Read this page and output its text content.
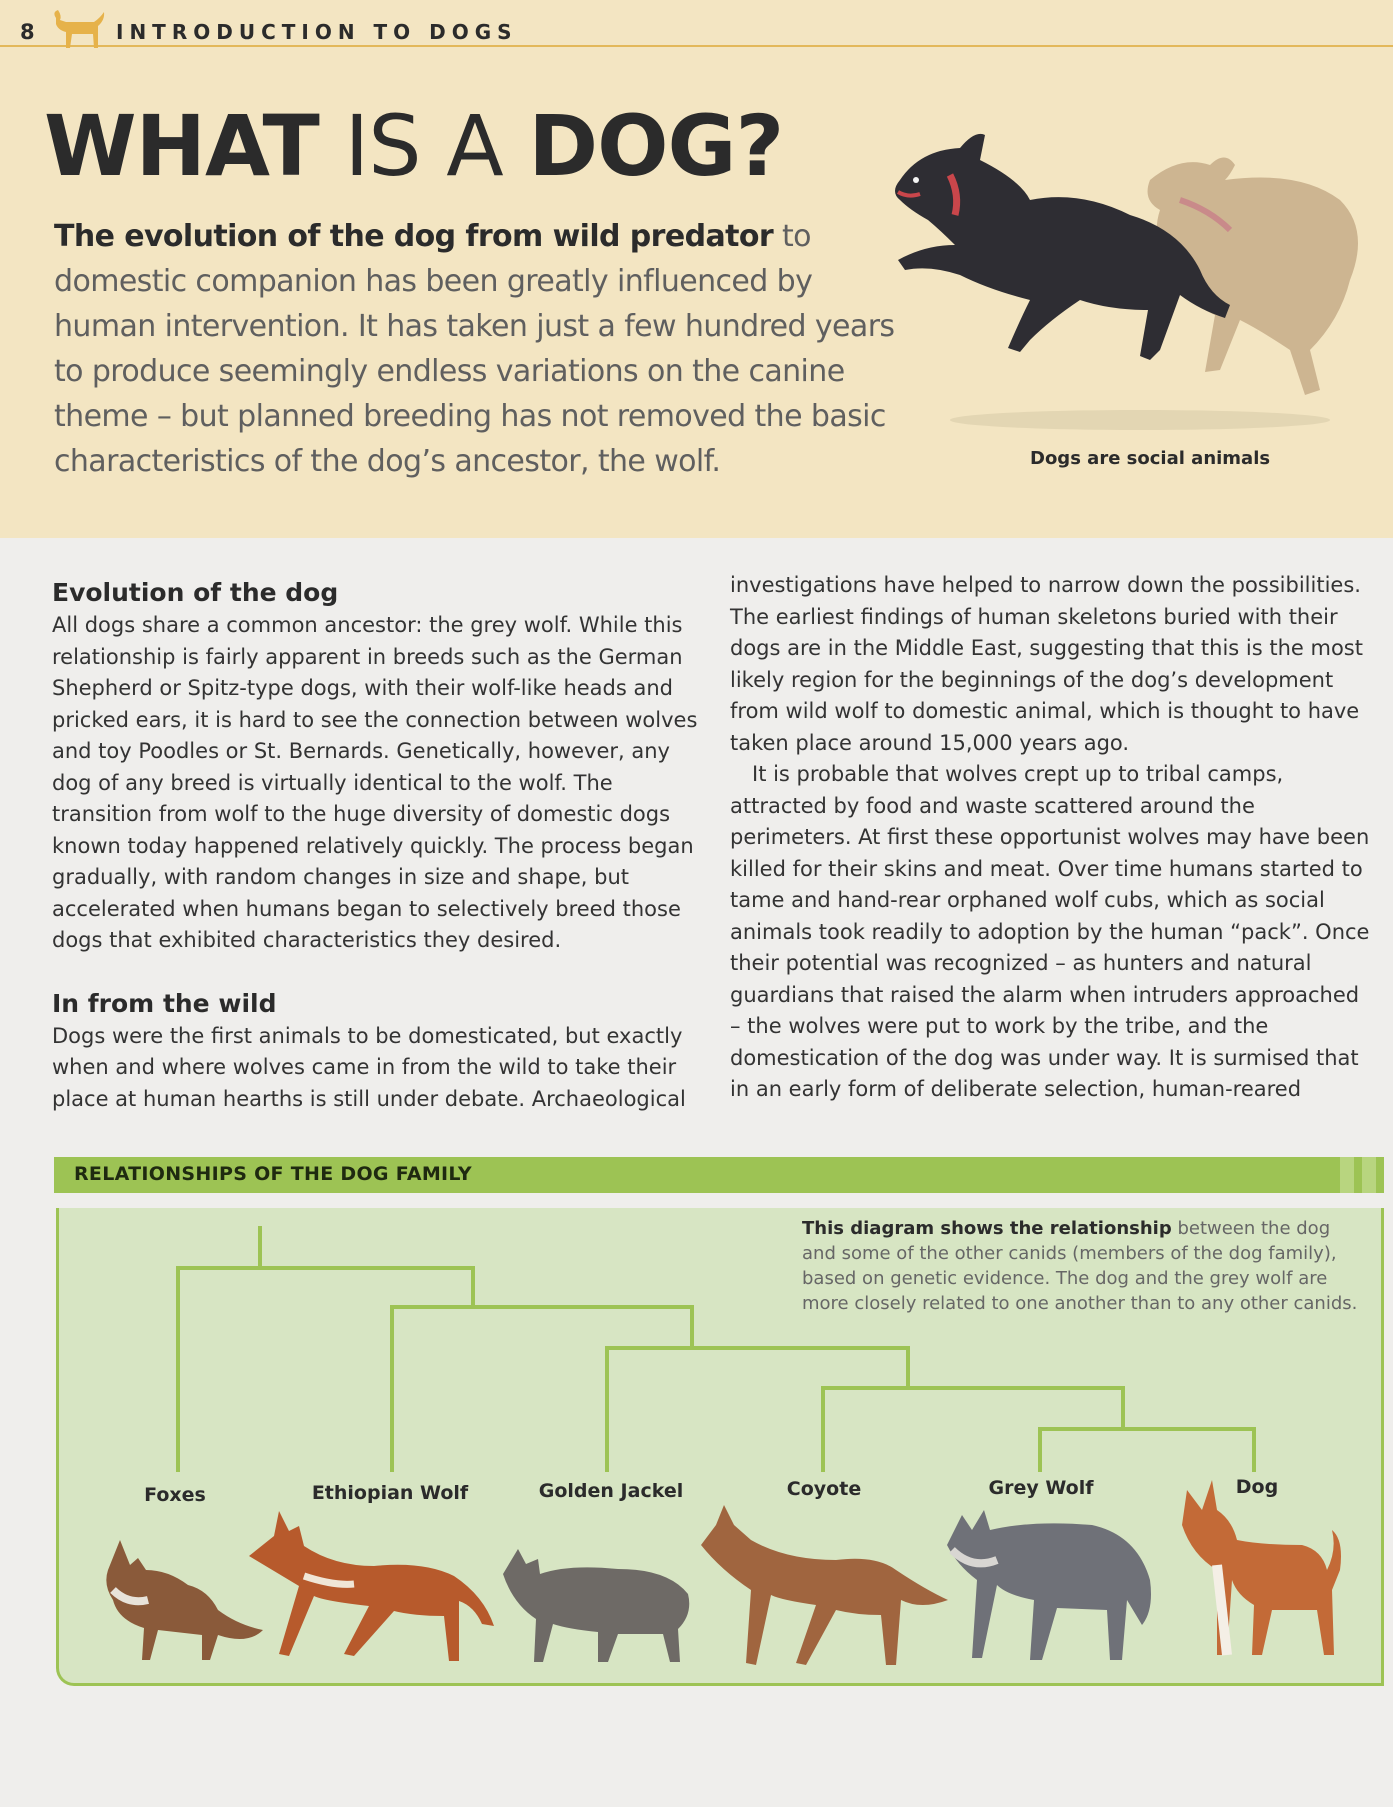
8	INTRODUCTION TO DOGS
WHAT IS A DOG?
The evolution of the dog from wild predator to domestic companion has been greatly influenced by human intervention. It has taken just a few hundred years to produce seemingly endless variations on the canine theme – but planned breeding has not removed the basic characteristics of the dog’s ancestor, the wolf.	Dogs are social animals
Evolution of the dog

All dogs share a common ancestor: the grey wolf. While this relationship is fairly apparent in breeds such as the German Shepherd or Spitz-type dogs, with their wolf-like heads and pricked ears, it is hard to see the connection between wolves and toy Poodles or St. Bernards. Genetically, however, any dog of any breed is virtually identical to the wolf. The transition from wolf to the huge diversity of domestic dogs known today happened relatively quickly. The process began gradually, with random changes in size and shape, but accelerated when humans began to selectively breed those dogs that exhibited characteristics they desired.

In from the wild

Dogs were the first animals to be domesticated, but exactly when and where wolves came in from the wild to take their place at human hearths is still under debate. Archaeological

investigations have helped to narrow down the possibilities. The earliest findings of human skeletons buried with their dogs are in the Middle East, suggesting that this is the most likely region for the beginnings of the dog’s development from wild wolf to domestic animal, which is thought to have taken place around 15,000 years ago.

It is probable that wolves crept up to tribal camps, attracted by food and waste scattered around the perimeters. At first these opportunist wolves may have been killed for their skins and meat. Over time humans started to tame and hand-rear orphaned wolf cubs, which as social animals took readily to adoption by the human “pack”. Once their potential was recognized – as hunters and natural guardians that raised the alarm when intruders approached – the wolves were put to work by the tribe, and the domestication of the dog was under way. It is surmised that in an early form of deliberate selection, human-reared

RELATIONSHIPS OF THE DOG FAMILY
This diagram shows the relationship between the dog and some of the other canids (members of the dog family), based on genetic evidence. The dog and the grey wolf are more closely related to one another than to any other canids.
Foxes	Ethiopian Wolf	Golden Jackel	Coyote	Grey Wolf	Dog
